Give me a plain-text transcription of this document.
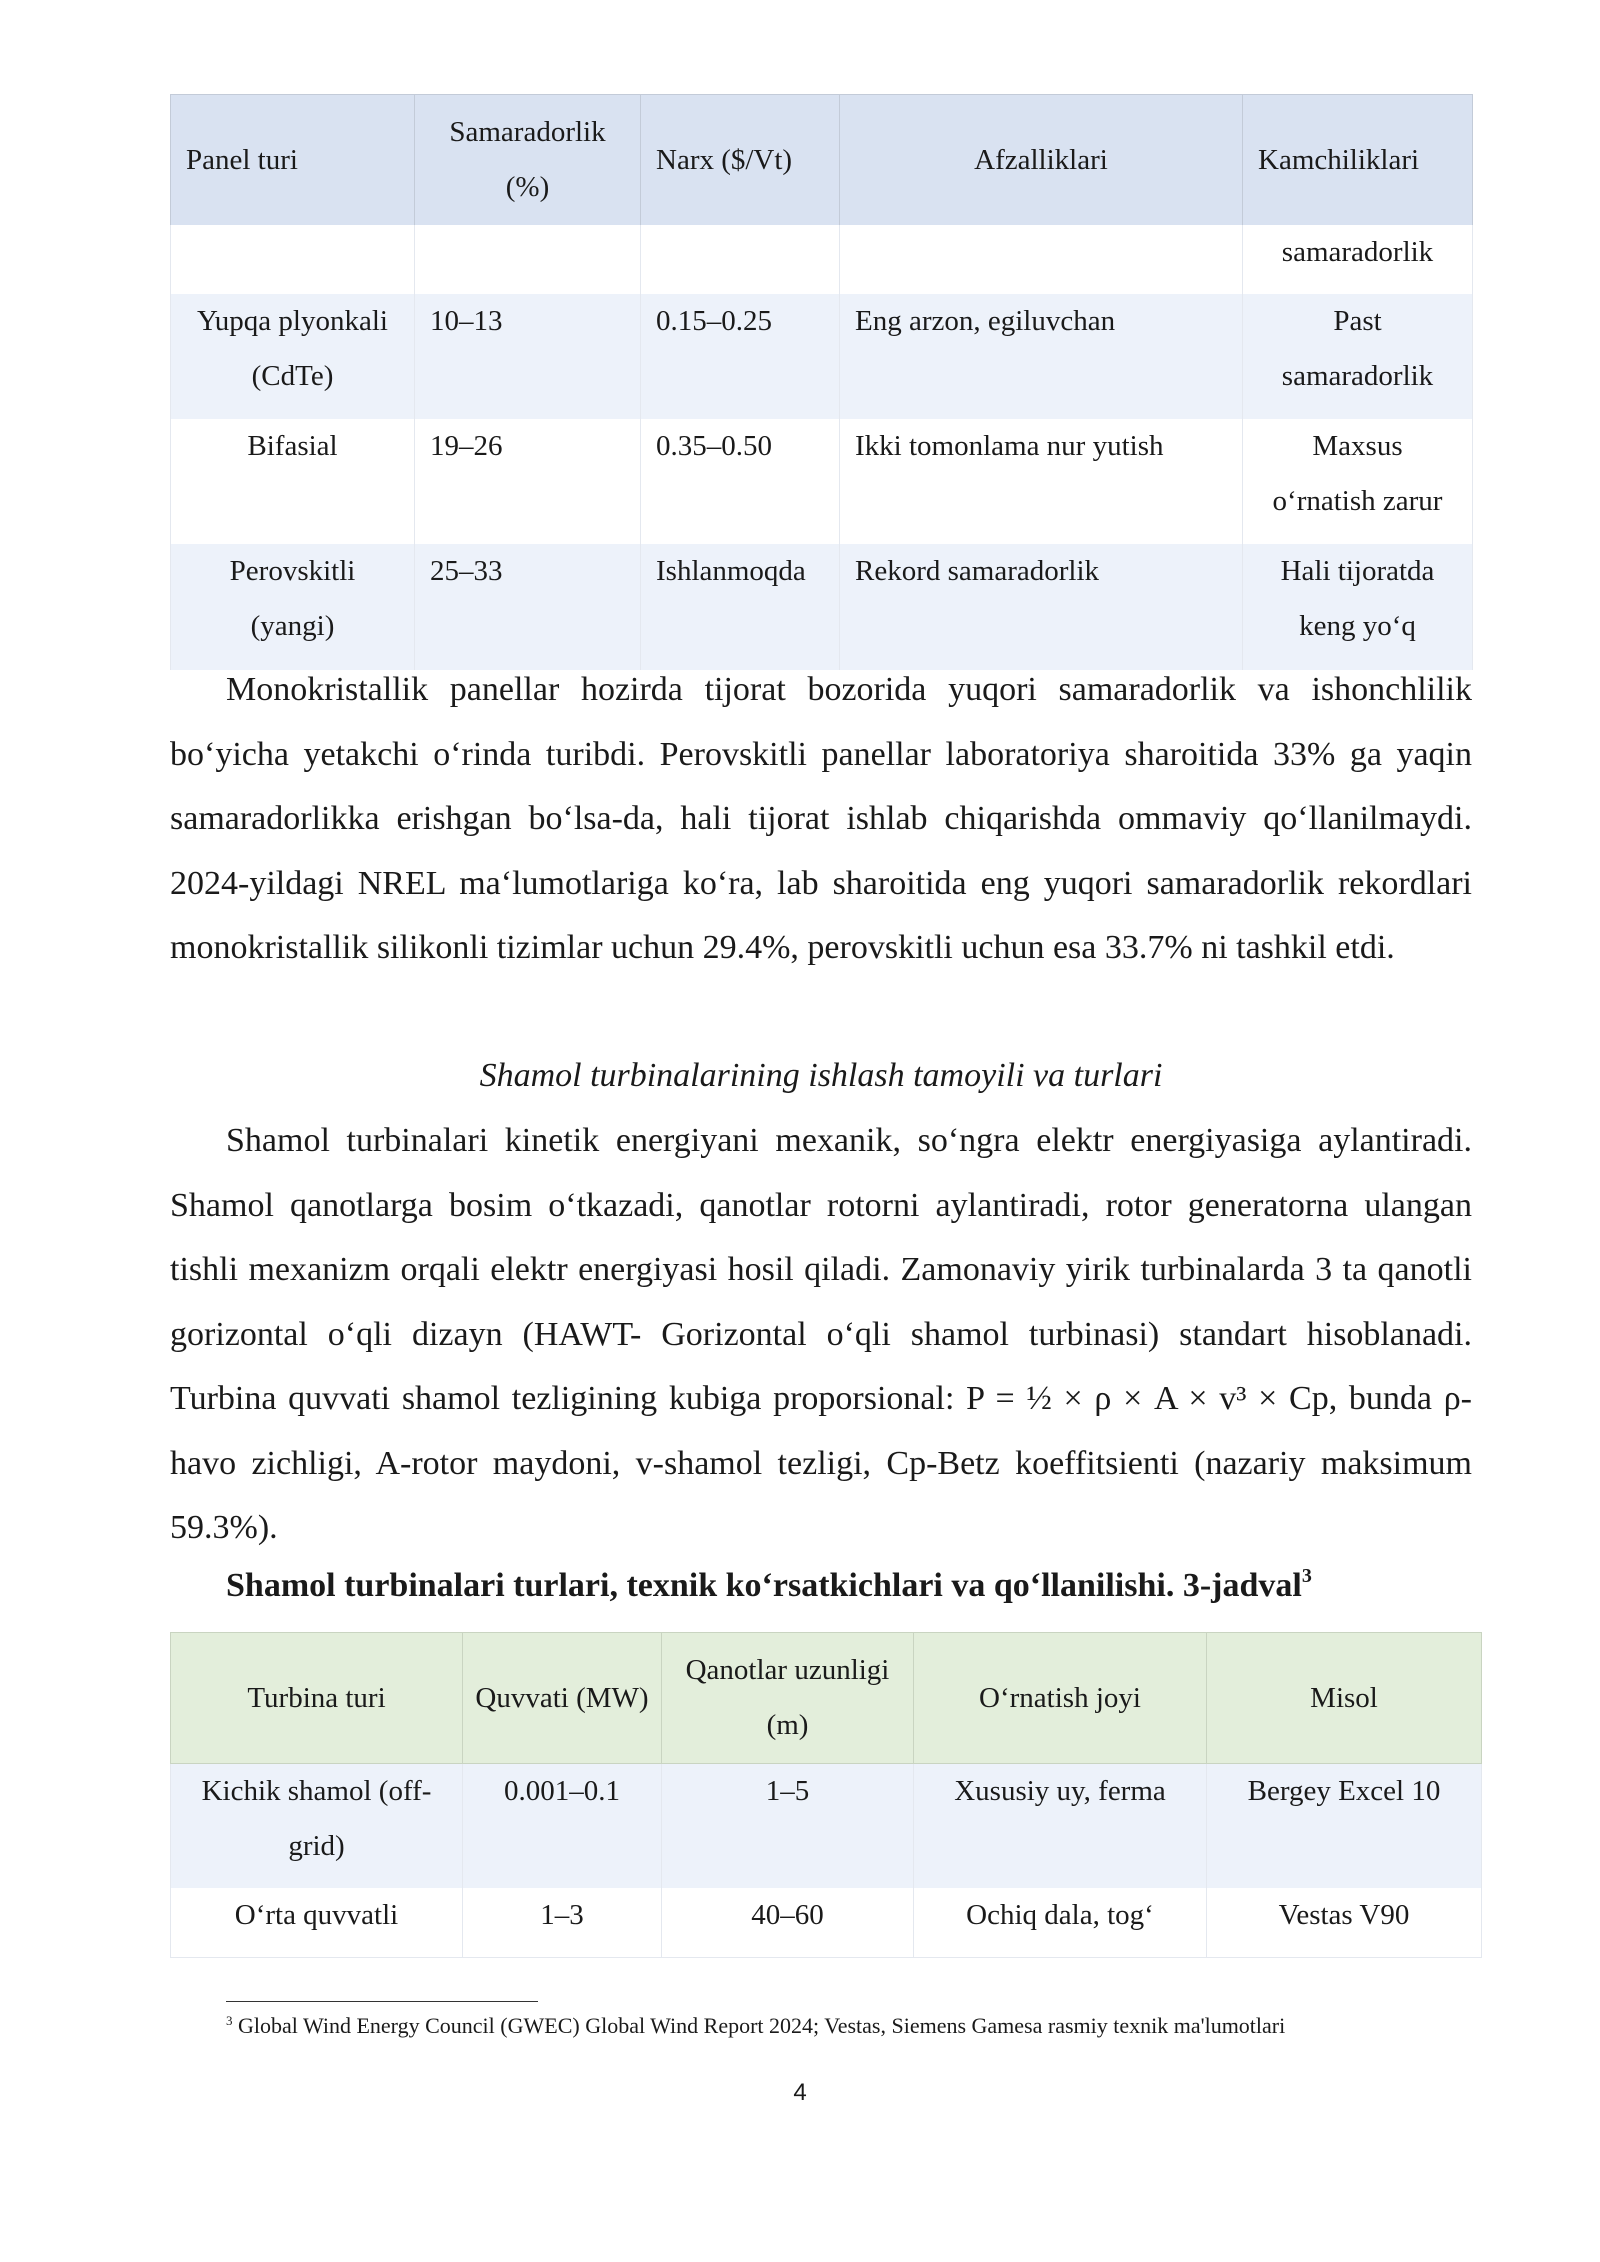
Panel turi	Samaradorlik (%)	Narx ($/Vt)	Afzalliklari	Kamchiliklari
				samaradorlik
Yupqa plyonkali (CdTe)	10–13	0.15–0.25	Eng arzon, egiluvchan	Past samaradorlik
Bifasial	19–26	0.35–0.50	Ikki tomonlama nur yutish	Maxsus o‘rnatish zarur
Perovskitli (yangi)	25–33	Ishlanmoqda	Rekord samaradorlik	Hali tijoratda keng yo‘q

Monokristallik panellar hozirda tijorat bozorida yuqori samaradorlik va ishonchlilik bo‘yicha yetakchi o‘rinda turibdi. Perovskitli panellar laboratoriya sharoitida 33% ga yaqin samaradorlikka erishgan bo‘lsa-da, hali tijorat ishlab chiqarishda ommaviy qo‘llanilmaydi. 2024-yildagi NREL ma‘lumotlariga ko‘ra, lab sharoitida eng yuqori samaradorlik rekordlari monokristallik silikonli tizimlar uchun 29.4%, perovskitli uchun esa 33.7% ni tashkil etdi.

Shamol turbinalarining ishlash tamoyili va turlari

Shamol turbinalari kinetik energiyani mexanik, so‘ngra elektr energiyasiga aylantiradi. Shamol qanotlarga bosim o‘tkazadi, qanotlar rotorni aylantiradi, rotor generatorna ulangan tishli mexanizm orqali elektr energiyasi hosil qiladi. Zamonaviy yirik turbinalarda 3 ta qanotli gorizontal o‘qli dizayn (HAWT- Gorizontal o‘qli shamol turbinasi) standart hisoblanadi. Turbina quvvati shamol tezligining kubiga proporsional: P = ½ × ρ × A × v³ × Cp, bunda ρ-havo zichligi, A-rotor maydoni, v-shamol tezligi, Cp-Betz koeffitsienti (nazariy maksimum 59.3%).

Shamol turbinalari turlari, texnik ko‘rsatkichlari va qo‘llanilishi. 3-jadval$^3$

Turbina turi	Quvvati (MW)	Qanotlar uzunligi (m)	O‘rnatish joyi	Misol
Kichik shamol (off-grid)	0.001–0.1	1–5	Xususiy uy, ferma	Bergey Excel 10
O‘rta quvvatli	1–3	40–60	Ochiq dala, tog‘	Vestas V90

$^3$ Global Wind Energy Council (GWEC) Global Wind Report 2024; Vestas, Siemens Gamesa rasmiy texnik ma'lumotlari

4
